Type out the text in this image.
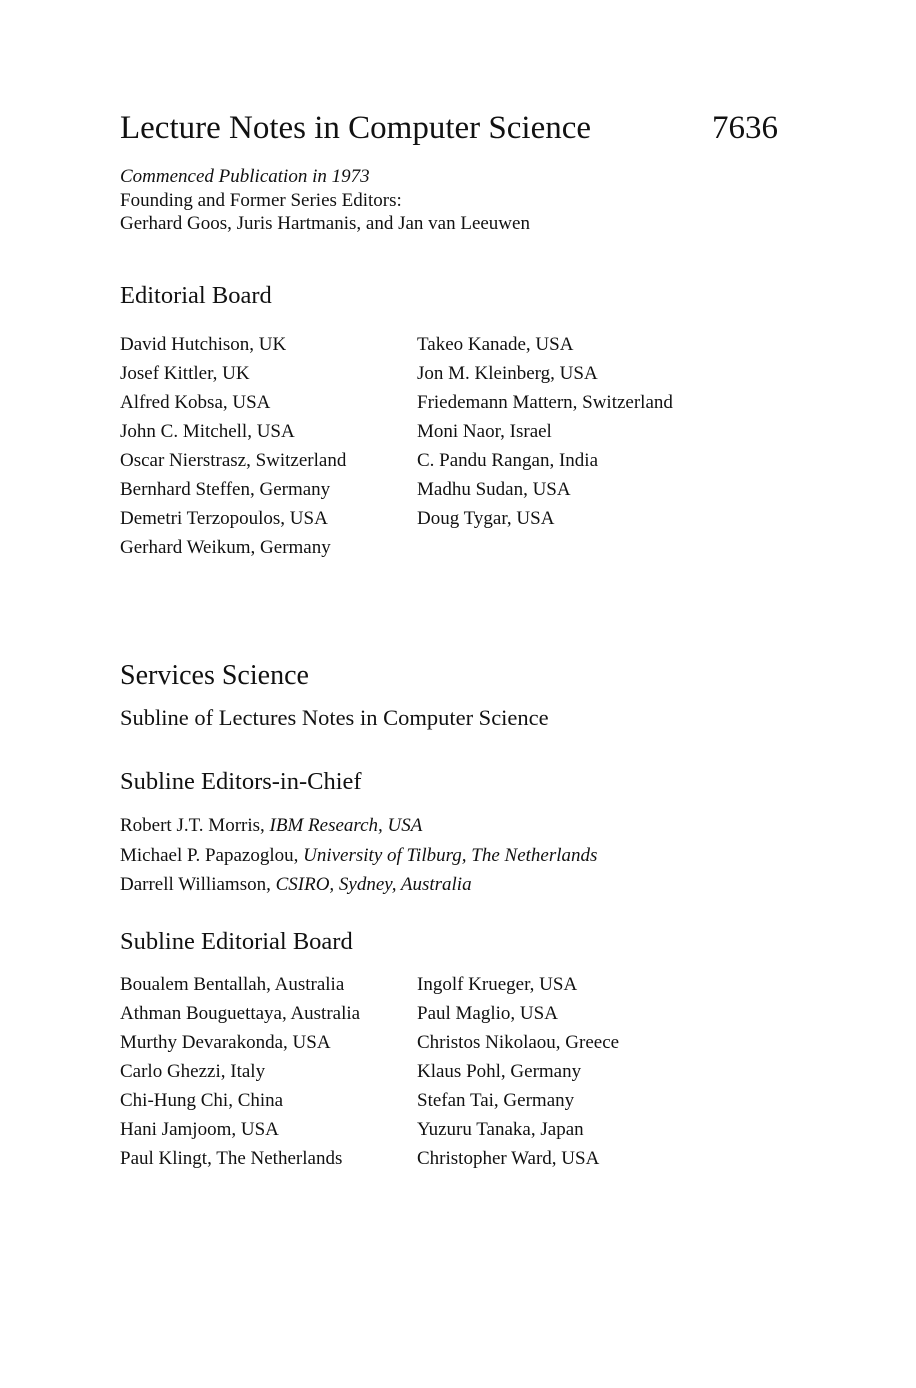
Lecture Notes in Computer Science	7636
Commenced Publication in 1973
Founding and Former Series Editors:
Gerhard Goos, Juris Hartmanis, and Jan van Leeuwen
Editorial Board
David Hutchison, UK
Josef Kittler, UK
Alfred Kobsa, USA
John C. Mitchell, USA
Oscar Nierstrasz, Switzerland
Bernhard Steffen, Germany
Demetri Terzopoulos, USA
Gerhard Weikum, Germany
Takeo Kanade, USA
Jon M. Kleinberg, USA
Friedemann Mattern, Switzerland
Moni Naor, Israel
C. Pandu Rangan, India
Madhu Sudan, USA
Doug Tygar, USA
Services Science
Subline of Lectures Notes in Computer Science
Subline Editors-in-Chief
Robert J.T. Morris, IBM Research, USA
Michael P. Papazoglou, University of Tilburg, The Netherlands
Darrell Williamson, CSIRO, Sydney, Australia
Subline Editorial Board
Boualem Bentallah, Australia
Athman Bouguettaya, Australia
Murthy Devarakonda, USA
Carlo Ghezzi, Italy
Chi-Hung Chi, China
Hani Jamjoom, USA
Paul Klingt, The Netherlands
Ingolf Krueger, USA
Paul Maglio, USA
Christos Nikolaou, Greece
Klaus Pohl, Germany
Stefan Tai, Germany
Yuzuru Tanaka, Japan
Christopher Ward, USA
